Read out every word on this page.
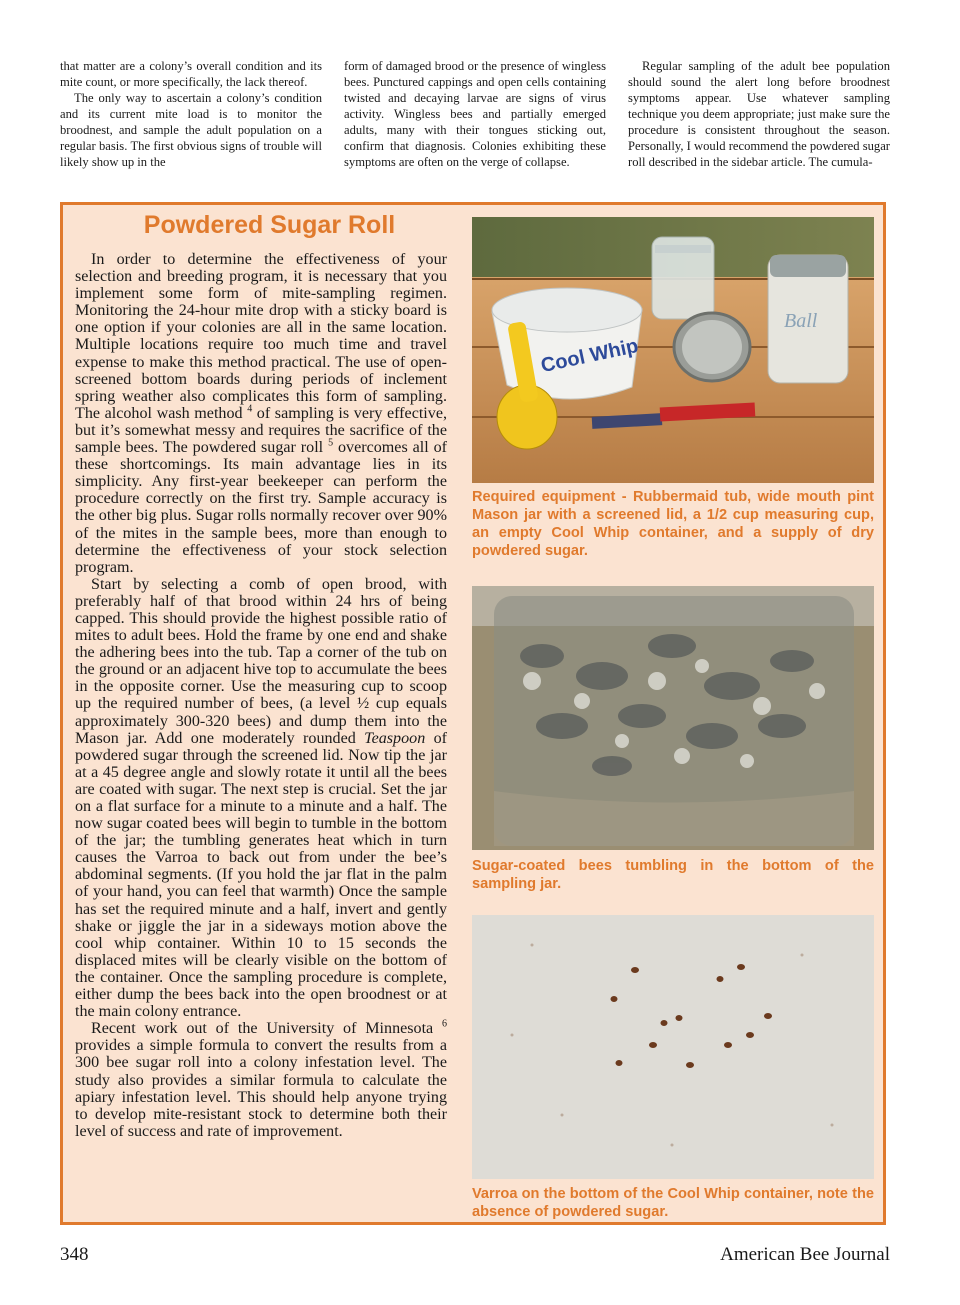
that matter are a colony’s overall condition and its mite count, or more specifically, the lack thereof.

The only way to ascertain a colony’s condition and its current mite load is to monitor the broodnest, and sample the adult population on a regular basis. The first obvious signs of trouble will likely show up in the

form of damaged brood or the presence of wingless bees. Punctured cappings and open cells containing twisted and decaying larvae are signs of virus activity. Wingless bees and partially emerged adults, many with their tongues sticking out, confirm that diagnosis. Colonies exhibiting these symptoms are often on the verge of collapse.

Regular sampling of the adult bee population should sound the alert long before broodnest symptoms appear. Use whatever sampling technique you deem appropriate; just make sure the procedure is consistent throughout the season. Personally, I would recommend the powdered sugar roll described in the sidebar article. The cumula-

Powdered Sugar Roll

In order to determine the effectiveness of your selection and breeding program, it is necessary that you implement some form of mite-sampling regimen. Monitoring the 24-hour mite drop with a sticky board is one option if your colonies are all in the same location. Multiple locations require too much time and travel expense to make this method practical. The use of open-screened bottom boards during periods of inclement spring weather also complicates this form of sampling. The alcohol wash method $^4$ of sampling is very effective, but it’s somewhat messy and requires the sacrifice of the sample bees. The powdered sugar roll $^5$ overcomes all of these shortcomings. Its main advantage lies in its simplicity. Any first-year beekeeper can perform the procedure correctly on the first try. Sample accuracy is the other big plus. Sugar rolls normally recover over 90% of the mites in the sample bees, more than enough to determine the effectiveness of your stock selection program.

Start by selecting a comb of open brood, with preferably half of that brood within 24 hrs of being capped. This should provide the highest possible ratio of mites to adult bees. Hold the frame by one end and shake the adhering bees into the tub. Tap a corner of the tub on the ground or an adjacent hive top to accumulate the bees in the opposite corner. Use the measuring cup to scoop up the required number of bees, (a level ½ cup equals approximately 300-320 bees) and dump them into the Mason jar. Add one moderately rounded Teaspoon of powdered sugar through the screened lid. Now tip the jar at a 45 degree angle and slowly rotate it until all the bees are coated with sugar. The next step is crucial. Set the jar on a flat surface for a minute to a minute and a half. The now sugar coated bees will begin to tumble in the bottom of the jar; the tumbling generates heat which in turn causes the Varroa to back out from under the bee’s abdominal segments. (If you hold the jar flat in the palm of your hand, you can feel that warmth) Once the sample has set the required minute and a half, invert and gently shake or jiggle the jar in a sideways motion above the cool whip container. Within 10 to 15 seconds the displaced mites will be clearly visible on the bottom of the container. Once the sampling procedure is complete, either dump the bees back into the open broodnest or at the main colony entrance.

Recent work out of the University of Minnesota $^6$ provides a simple formula to convert the results from a 300 bee sugar roll into a colony infestation level. The study also provides a similar formula to calculate the apiary infestation level. This should help anyone trying to develop mite-resistant stock to determine both their level of success and rate of improvement.

Cool Whip
Ball
Required equipment - Rubbermaid tub, wide mouth pint Mason jar with a screened lid, a 1/2 cup measuring cup, an empty Cool Whip container, and a supply of dry powdered sugar.
Sugar-coated bees tumbling in the bottom of the sampling jar.
Varroa on the bottom of the Cool Whip container, note the absence of powdered sugar.
348	American Bee Journal
